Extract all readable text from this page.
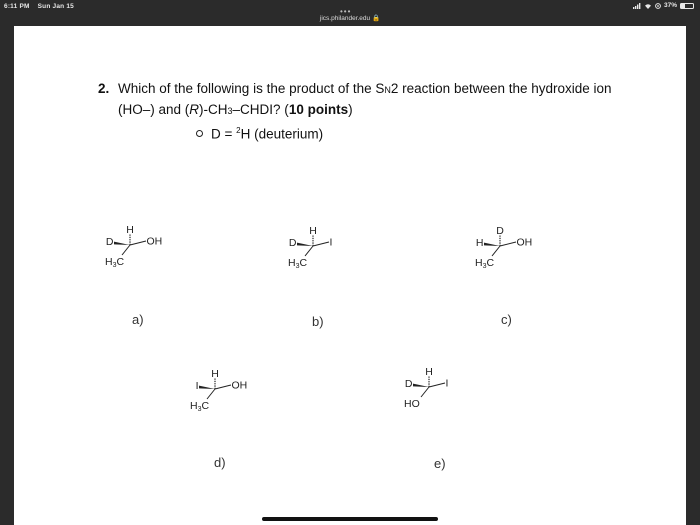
6:11 PM Sun Jan 15	37%
•••
jics.philander.edu 🔒
2. Which of the following is the product of the SN2 reaction between the hydroxide ion (HO–) and (R)-CH3–CHDI? (10 points)
D = $^2$H (deuterium)
H
D	OH
H3C
a)
H
D	I
H3C
b)
D
H	OH
H3C
c)
H
I	OH
H3C
d)
H
D	I
HO
e)
